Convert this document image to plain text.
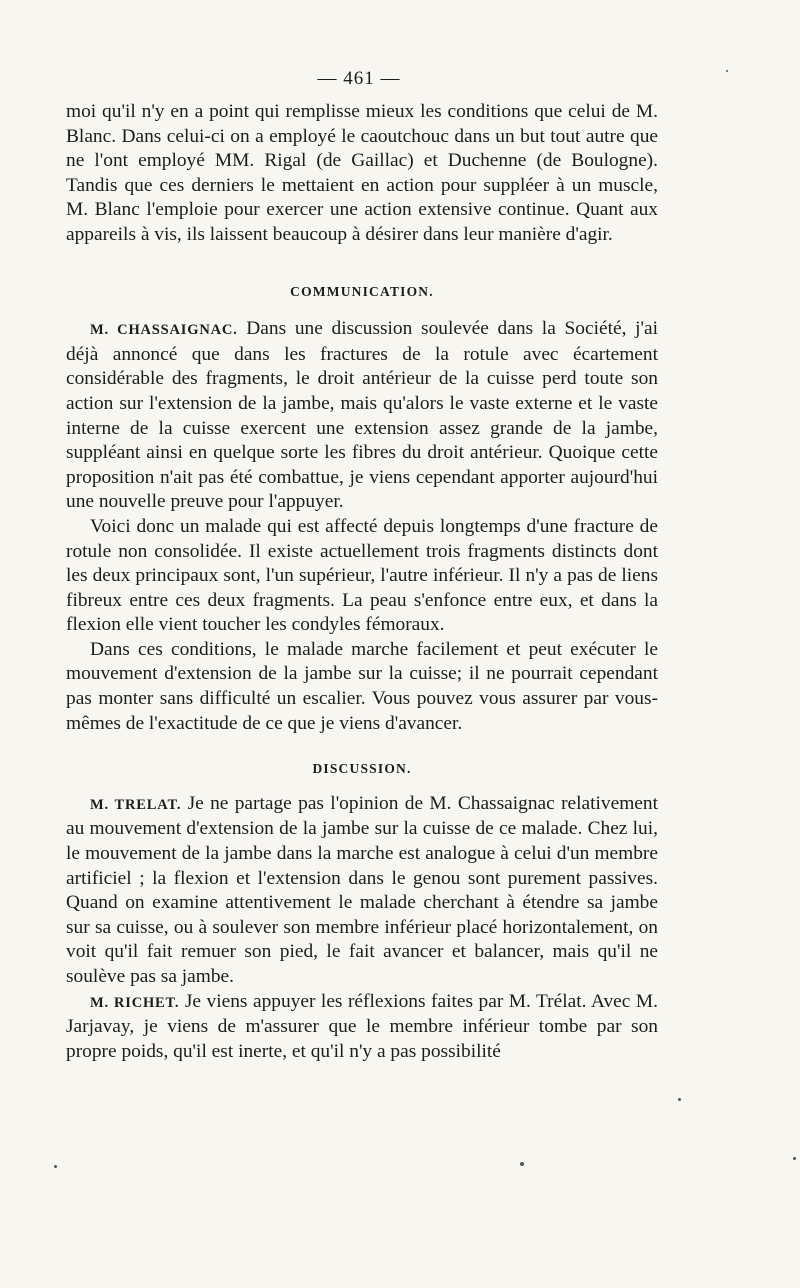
— 461 —

moi qu'il n'y en a point qui remplisse mieux les conditions que celui de M. Blanc. Dans celui-ci on a employé le caoutchouc dans un but tout autre que ne l'ont employé MM. Rigal (de Gaillac) et Duchenne (de Boulogne). Tandis que ces derniers le mettaient en action pour suppléer à un muscle, M. Blanc l'emploie pour exercer une action extensive continue. Quant aux appareils à vis, ils laissent beaucoup à désirer dans leur manière d'agir.

COMMUNICATION.

M. CHASSAIGNAC. Dans une discussion soulevée dans la Société, j'ai déjà annoncé que dans les fractures de la rotule avec écartement considérable des fragments, le droit antérieur de la cuisse perd toute son action sur l'extension de la jambe, mais qu'alors le vaste externe et le vaste interne de la cuisse exercent une extension assez grande de la jambe, suppléant ainsi en quelque sorte les fibres du droit antérieur. Quoique cette proposition n'ait pas été combattue, je viens cependant apporter aujourd'hui une nouvelle preuve pour l'appuyer.

Voici donc un malade qui est affecté depuis longtemps d'une fracture de rotule non consolidée. Il existe actuellement trois fragments distincts dont les deux principaux sont, l'un supérieur, l'autre inférieur. Il n'y a pas de liens fibreux entre ces deux fragments. La peau s'enfonce entre eux, et dans la flexion elle vient toucher les condyles fémoraux.

Dans ces conditions, le malade marche facilement et peut exécuter le mouvement d'extension de la jambe sur la cuisse; il ne pourrait cependant pas monter sans difficulté un escalier. Vous pouvez vous assurer par vous-mêmes de l'exactitude de ce que je viens d'avancer.

DISCUSSION.

M. TRELAT. Je ne partage pas l'opinion de M. Chassaignac relativement au mouvement d'extension de la jambe sur la cuisse de ce malade. Chez lui, le mouvement de la jambe dans la marche est analogue à celui d'un membre artificiel ; la flexion et l'extension dans le genou sont purement passives. Quand on examine attentivement le malade cherchant à étendre sa jambe sur sa cuisse, ou à soulever son membre inférieur placé horizontalement, on voit qu'il fait remuer son pied, le fait avancer et balancer, mais qu'il ne soulève pas sa jambe.

M. RICHET. Je viens appuyer les réflexions faites par M. Trélat. Avec M. Jarjavay, je viens de m'assurer que le membre inférieur tombe par son propre poids, qu'il est inerte, et qu'il n'y a pas possibilité
